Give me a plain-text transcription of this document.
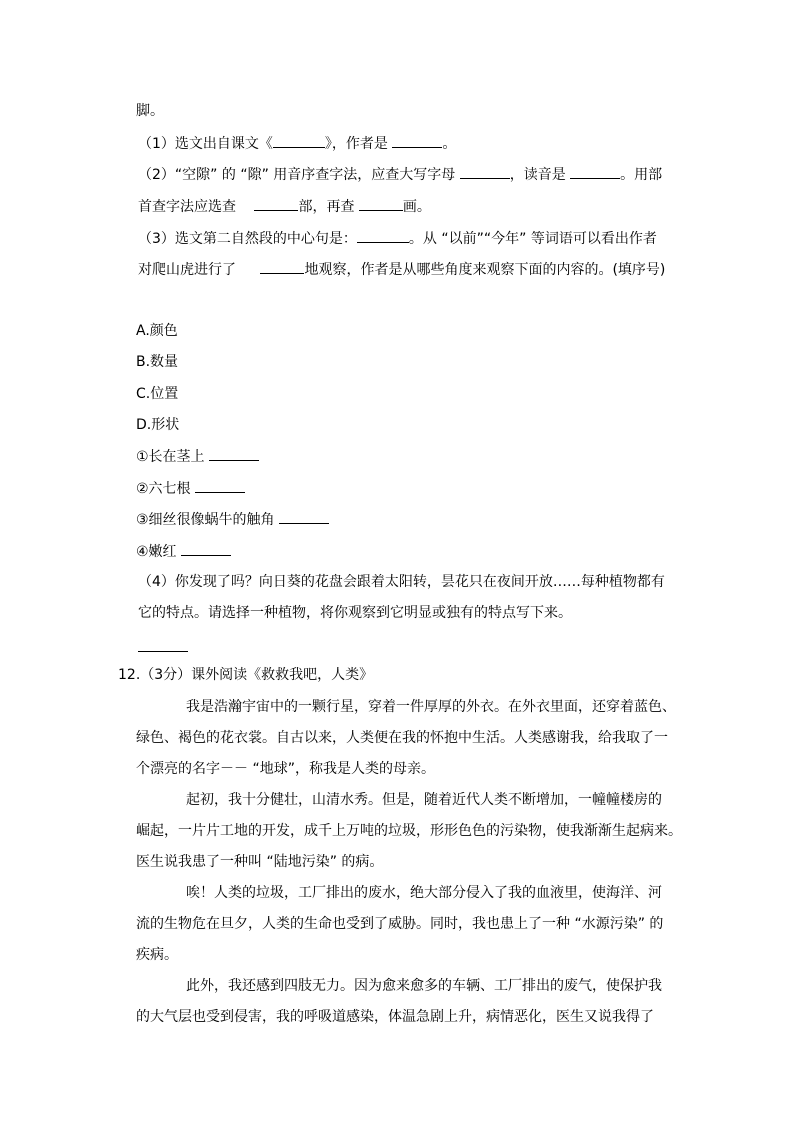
脚。
（1）选文出自课文《	》，作者是	。
（2）“空隙” 的 “隙” 用音序查字法，应查大写字母	，读音是	。用部
首查字法应选查	部，再查	画。
（3）选文第二自然段的中心句是：	。从 “以前”“今年” 等词语可以看出作者
对爬山虎进行了	地观察，作者是从哪些角度来观察下面的内容的。(填序号)
A.颜色
B.数量
C.位置
D.形状
①长在茎上
②六七根
③细丝很像蜗牛的触角
④嫩红
（4）你发现了吗？向日葵的花盘会跟着太阳转，昙花只在夜间开放……每种植物都有
它的特点。请选择一种植物，将你观察到它明显或独有的特点写下来。
12.（3分）课外阅读《救救我吧，人类》
我是浩瀚宇宙中的一颗行星，穿着一件厚厚的外衣。在外衣里面，还穿着蓝色、
绿色、褐色的花衣裳。自古以来，人类便在我的怀抱中生活。人类感谢我，给我取了一
个漂亮的名字－－ “地球”，称我是人类的母亲。
起初，我十分健壮，山清水秀。但是，随着近代人类不断增加，一幢幢楼房的
崛起，一片片工地的开发，成千上万吨的垃圾，形形色色的污染物，使我渐渐生起病来。
医生说我患了一种叫 “陆地污染” 的病。
唉！人类的垃圾，工厂排出的废水，绝大部分侵入了我的血液里，使海洋、河
流的生物危在旦夕，人类的生命也受到了威胁。同时，我也患上了一种 “水源污染” 的
疾病。
此外，我还感到四肢无力。因为愈来愈多的车辆、工厂排出的废气，使保护我
的大气层也受到侵害，我的呼吸道感染，体温急剧上升，病情恶化，医生又说我得了
